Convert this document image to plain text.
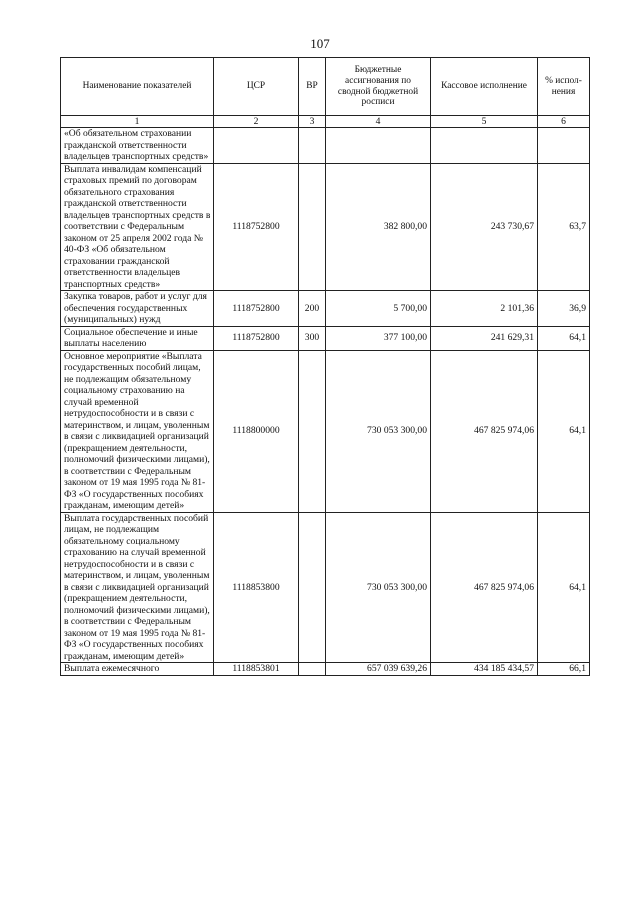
107
Наименование показателей	ЦСР	ВР	Бюджетные ассигнования по сводной бюджетной росписи	Кассовое исполнение	% испол-нения
1	2	3	4	5	6
«Об обязательном страховании гражданской ответственности владельцев транспортных средств»					
Выплата инвалидам компенсаций страховых премий по договорам обязательного страхования гражданской ответственности владельцев транспортных средств в соответствии с Федеральным законом от 25 апреля 2002 года № 40-ФЗ «Об обязательном страховании гражданской ответственности владельцев транспортных средств»	1118752800		382 800,00	243 730,67	63,7
Закупка товаров, работ и услуг для обеспечения государственных (муниципальных) нужд	1118752800	200	5 700,00	2 101,36	36,9
Социальное обеспечение и иные выплаты населению	1118752800	300	377 100,00	241 629,31	64,1
Основное мероприятие «Выплата государственных пособий лицам, не подлежащим обязательному социальному страхованию на случай временной нетрудоспособности и в связи с материнством, и лицам, уволенным в связи с ликвидацией организаций (прекращением деятельности, полномочий физическими лицами), в соответствии с Федеральным законом от 19 мая 1995 года № 81-ФЗ «О государственных пособиях гражданам, имеющим детей»	1118800000		730 053 300,00	467 825 974,06	64,1
Выплата государственных пособий лицам, не подлежащим обязательному социальному страхованию на случай временной нетрудоспособности и в связи с материнством, и лицам, уволенным в связи с ликвидацией организаций (прекращением деятельности, полномочий физическими лицами), в соответствии с Федеральным законом от 19 мая 1995 года № 81-ФЗ «О государственных пособиях гражданам, имеющим детей»	1118853800		730 053 300,00	467 825 974,06	64,1
Выплата ежемесячного	1118853801		657 039 639,26	434 185 434,57	66,1
